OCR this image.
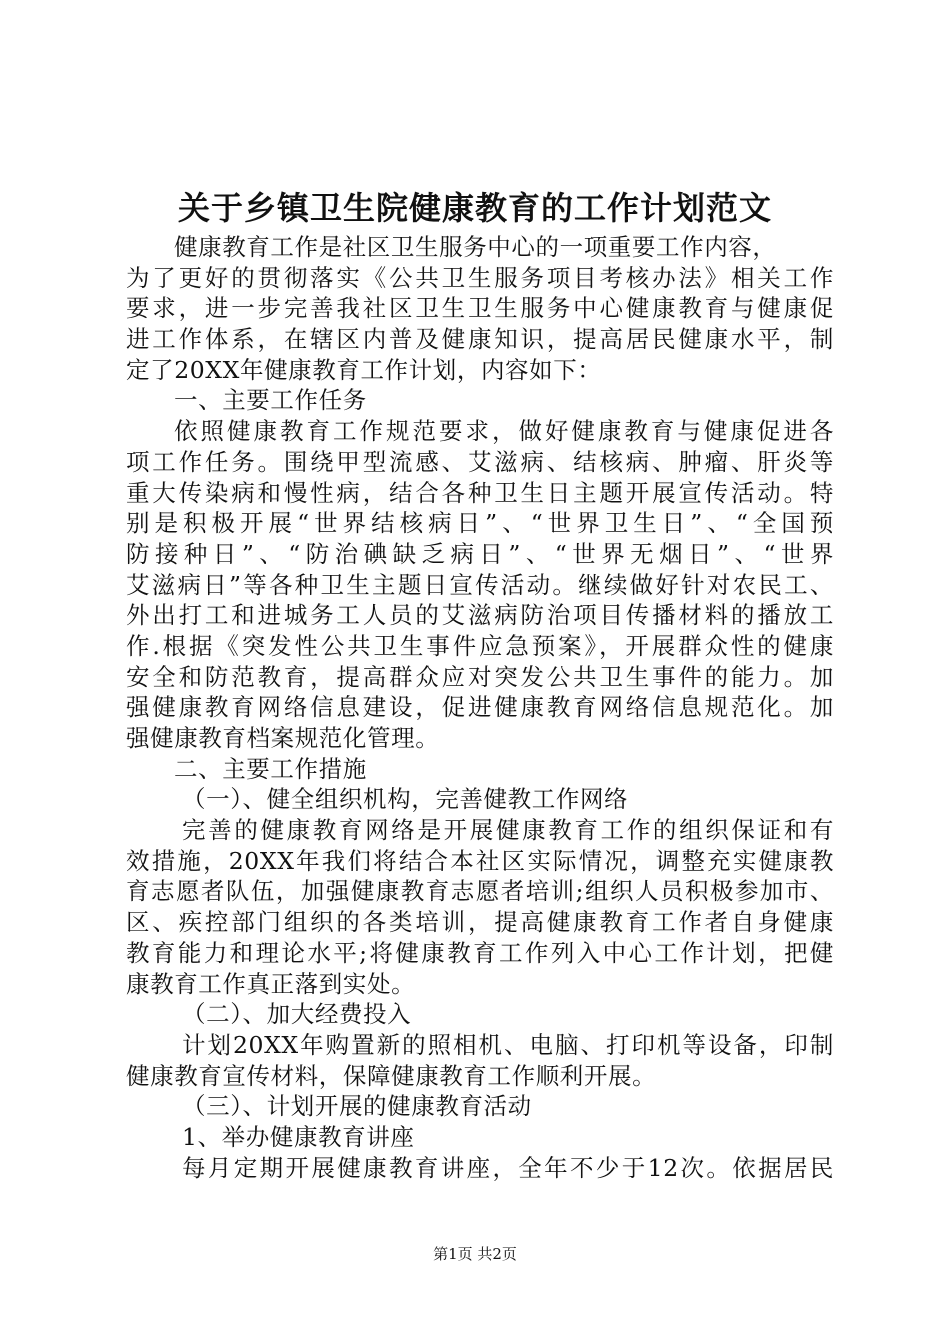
关于乡镇卫生院健康教育的工作计划范文
健康教育工作是社区卫生服务中心的一项重要工作内容，
为了更好的贯彻落实《公共卫生服务项目考核办法》相关工作
要求，进一步完善我社区卫生卫生服务中心健康教育与健康促
进工作体系，在辖区内普及健康知识，提高居民健康水平，制
定了20XX年健康教育工作计划，内容如下：
一、主要工作任务
依照健康教育工作规范要求，做好健康教育与健康促进各
项工作任务。围绕甲型流感、艾滋病、结核病、肿瘤、肝炎等
重大传染病和慢性病，结合各种卫生日主题开展宣传活动。特
别是积极开展“世界结核病日”、“世界卫生日”、“全国预
防接种日”、“防治碘缺乏病日”、“世界无烟日”、“世界
艾滋病日”等各种卫生主题日宣传活动。继续做好针对农民工、
外出打工和进城务工人员的艾滋病防治项目传播材料的播放工
作.根据《突发性公共卫生事件应急预案》，开展群众性的健康
安全和防范教育，提高群众应对突发公共卫生事件的能力。加
强健康教育网络信息建设，促进健康教育网络信息规范化。加
强健康教育档案规范化管理。
二、主要工作措施
（一）、健全组织机构，完善健教工作网络
完善的健康教育网络是开展健康教育工作的组织保证和有
效措施，20XX年我们将结合本社区实际情况，调整充实健康教
育志愿者队伍，加强健康教育志愿者培训;组织人员积极参加市、
区、疾控部门组织的各类培训，提高健康教育工作者自身健康
教育能力和理论水平;将健康教育工作列入中心工作计划，把健
康教育工作真正落到实处。
（二）、加大经费投入
计划20XX年购置新的照相机、电脑、打印机等设备，印制
健康教育宣传材料，保障健康教育工作顺利开展。
（三）、计划开展的健康教育活动
1、举办健康教育讲座
每月定期开展健康教育讲座，全年不少于12次。依据居民
第1页 共2页
